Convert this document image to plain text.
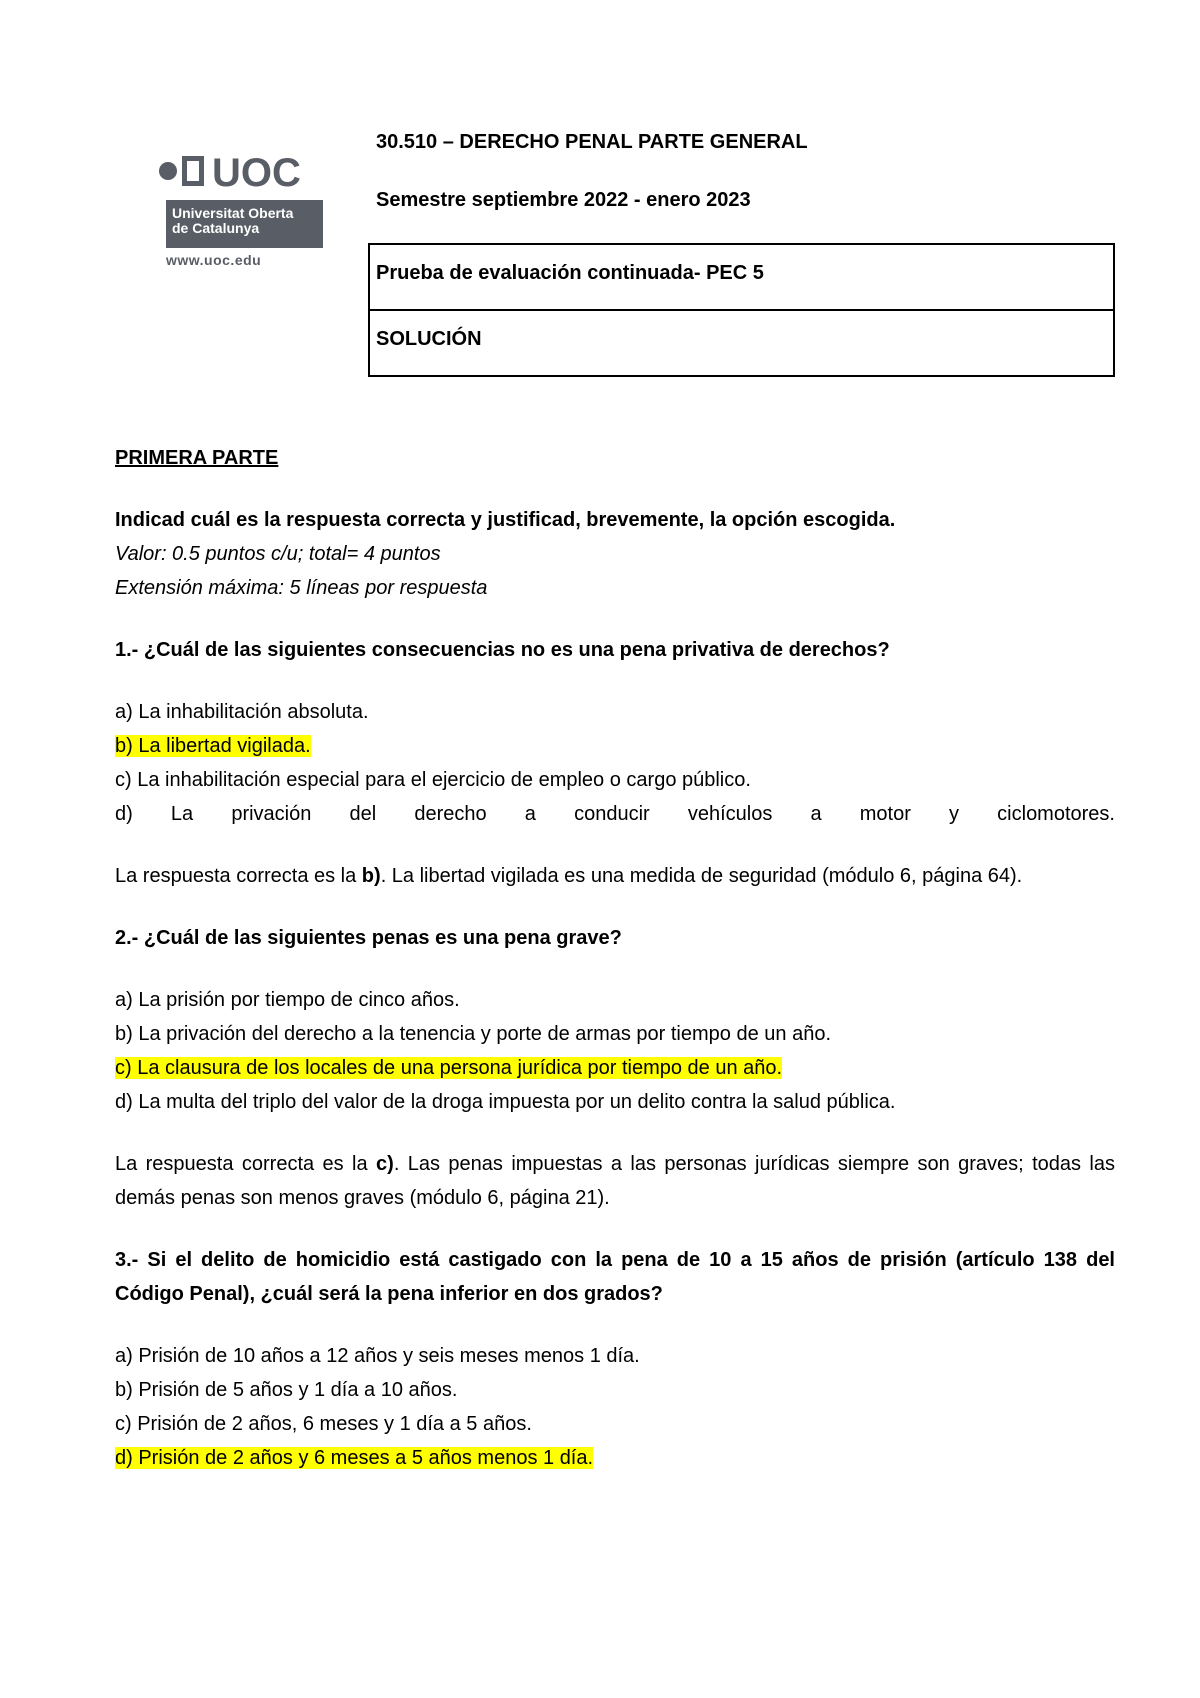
UOC
Universitat Oberta
de Catalunya
www.uoc.edu
30.510 – DERECHO PENAL PARTE GENERAL
Semestre septiembre 2022 - enero 2023
Prueba de evaluación continuada- PEC 5
SOLUCIÓN

PRIMERA PARTE

Indicad cuál es la respuesta correcta y justificad, brevemente, la opción escogida.

Valor: 0.5 puntos c/u; total= 4 puntos

Extensión máxima: 5 líneas por respuesta

1.- ¿Cuál de las siguientes consecuencias no es una pena privativa de derechos?

a) La inhabilitación absoluta.

b) La libertad vigilada.

c) La inhabilitación especial para el ejercicio de empleo o cargo público.

d) La privación del derecho a conducir vehículos a motor y ciclomotores.

La respuesta correcta es la b). La libertad vigilada es una medida de seguridad (módulo 6, página 64).

2.- ¿Cuál de las siguientes penas es una pena grave?

a) La prisión por tiempo de cinco años.

b) La privación del derecho a la tenencia y porte de armas por tiempo de un año.

c) La clausura de los locales de una persona jurídica por tiempo de un año.

d) La multa del triplo del valor de la droga impuesta por un delito contra la salud pública.

La respuesta correcta es la c). Las penas impuestas a las personas jurídicas siempre son graves; todas las demás penas son menos graves (módulo 6, página 21).

3.- Si el delito de homicidio está castigado con la pena de 10 a 15 años de prisión (artículo 138 del Código Penal), ¿cuál será la pena inferior en dos grados?

a) Prisión de 10 años a 12 años y seis meses menos 1 día.

b) Prisión de 5 años y 1 día a 10 años.

c) Prisión de 2 años, 6 meses y 1 día a 5 años.

d) Prisión de 2 años y 6 meses a 5 años menos 1 día.
